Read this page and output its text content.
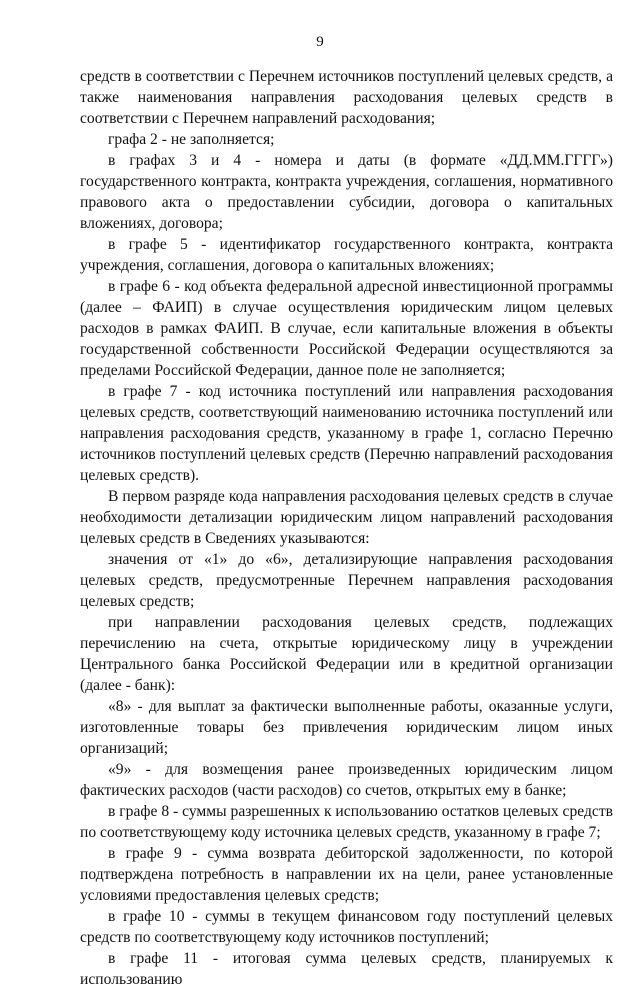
9

средств в соответствии с Перечнем источников поступлений целевых средств, а также наименования направления расходования целевых средств в соответствии с Перечнем направлений расходования;

графа 2 - не заполняется;

в графах 3 и 4 - номера и даты (в формате «ДД.ММ.ГГГГ») государственного контракта, контракта учреждения, соглашения, нормативного правового акта о предоставлении субсидии, договора о капитальных вложениях, договора;

в графе 5 - идентификатор государственного контракта, контракта учреждения, соглашения, договора о капитальных вложениях;

в графе 6 - код объекта федеральной адресной инвестиционной программы (далее – ФАИП) в случае осуществления юридическим лицом целевых расходов в рамках ФАИП. В случае, если капитальные вложения в объекты государственной собственности Российской Федерации осуществляются за пределами Российской Федерации, данное поле не заполняется;

в графе 7 - код источника поступлений или направления расходования целевых средств, соответствующий наименованию источника поступлений или направления расходования средств, указанному в графе 1, согласно Перечню источников поступлений целевых средств (Перечню направлений расходования целевых средств).

В первом разряде кода направления расходования целевых средств в случае необходимости детализации юридическим лицом направлений расходования целевых средств в Сведениях указываются:

значения от «1» до «6», детализирующие направления расходования целевых средств, предусмотренные Перечнем направления расходования целевых средств;

при направлении расходования целевых средств, подлежащих перечислению на счета, открытые юридическому лицу в учреждении Центрального банка Российской Федерации или в кредитной организации (далее - банк):

«8» - для выплат за фактически выполненные работы, оказанные услуги, изготовленные товары без привлечения юридическим лицом иных организаций;

«9» - для возмещения ранее произведенных юридическим лицом фактических расходов (части расходов) со счетов, открытых ему в банке;

в графе 8 - суммы разрешенных к использованию остатков целевых средств по соответствующему коду источника целевых средств, указанному в графе 7;

в графе 9 - сумма возврата дебиторской задолженности, по которой подтверждена потребность в направлении их на цели, ранее установленные условиями предоставления целевых средств;

в графе 10 - суммы в текущем финансовом году поступлений целевых средств по соответствующему коду источников поступлений;

в графе 11 - итоговая сумма целевых средств, планируемых к использованию
